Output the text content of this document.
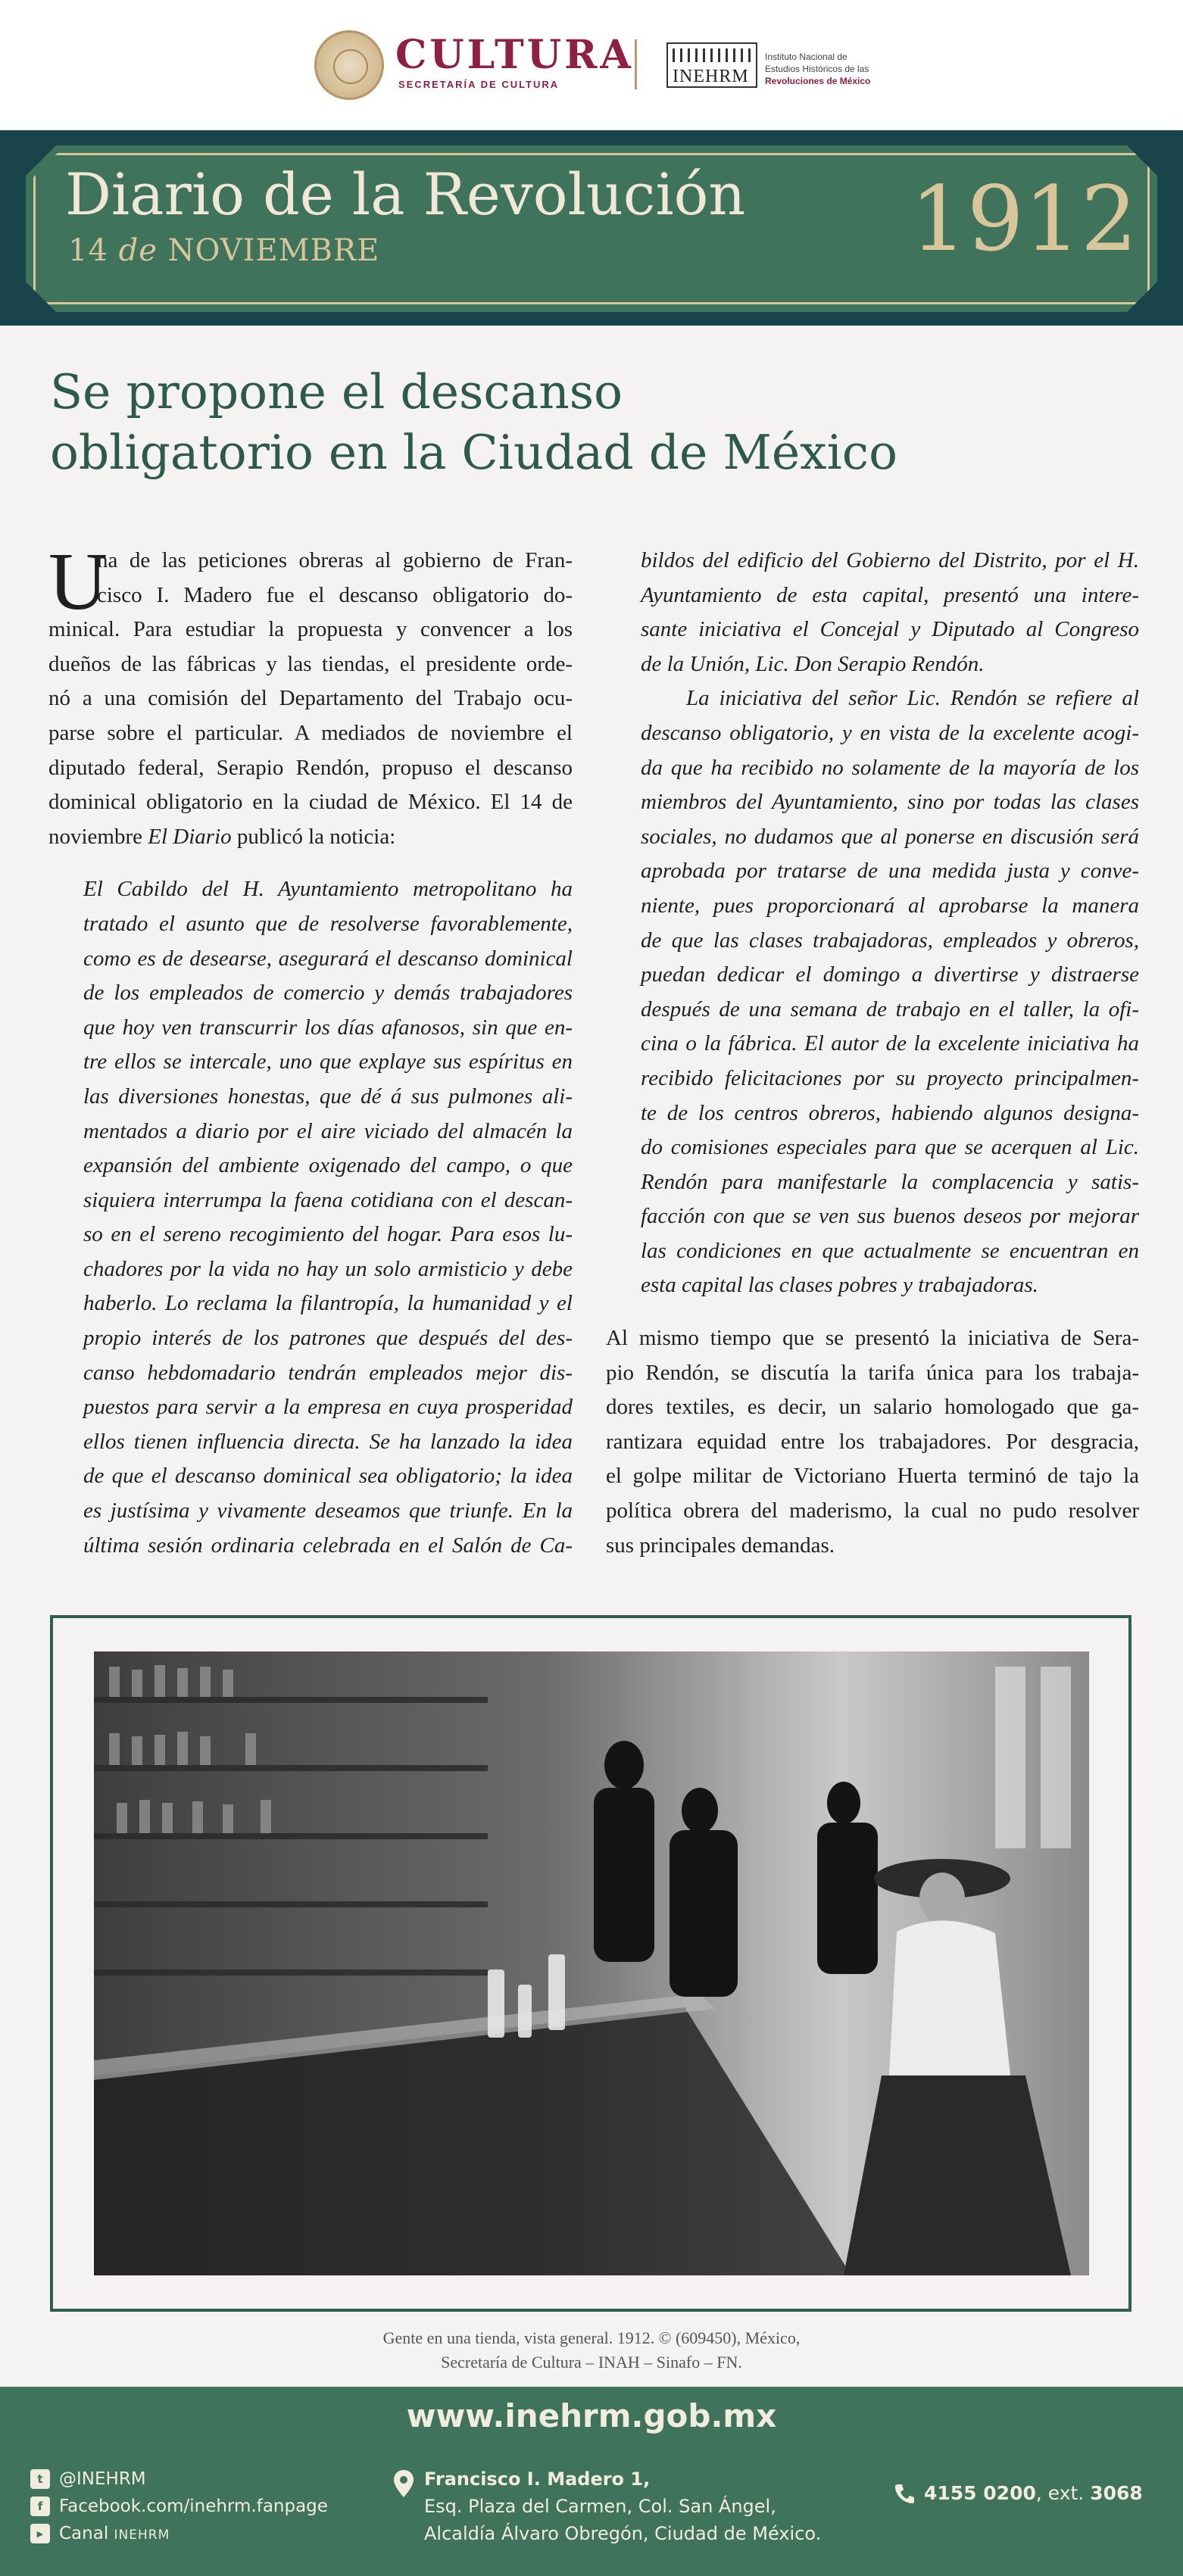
CULTURA
SECRETARÍA DE CULTURA	INEHRM
Instituto Nacional de
Estudios Históricos de las
Revoluciones de México
Diario de la Revolución
14 de NOVIEMBRE	1912
Se propone el descanso
obligatorio en la Ciudad de México
U
na de las peticiones obreras al gobierno de Fran-
cisco I. Madero fue el descanso obligatorio do-
minical. Para estudiar la propuesta y convencer a los
dueños de las fábricas y las tiendas, el presidente orde-
nó a una comisión del Departamento del Trabajo ocu-
parse sobre el particular. A mediados de noviembre el
diputado federal, Serapio Rendón, propuso el descanso
dominical obligatorio en la ciudad de México. El 14 de
noviembre El Diario publicó la noticia:
El Cabildo del H. Ayuntamiento metropolitano ha
tratado el asunto que de resolverse favorablemente,
como es de desearse, asegurará el descanso dominical
de los empleados de comercio y demás trabajadores
que hoy ven transcurrir los días afanosos, sin que en-
tre ellos se intercale, uno que explaye sus espíritus en
las diversiones honestas, que dé á sus pulmones ali-
mentados a diario por el aire viciado del almacén la
expansión del ambiente oxigenado del campo, o que
siquiera interrumpa la faena cotidiana con el descan-
so en el sereno recogimiento del hogar. Para esos lu-
chadores por la vida no hay un solo armisticio y debe
haberlo. Lo reclama la filantropía, la humanidad y el
propio interés de los patrones que después del des-
canso hebdomadario tendrán empleados mejor dis-
puestos para servir a la empresa en cuya prosperidad
ellos tienen influencia directa. Se ha lanzado la idea
de que el descanso dominical sea obligatorio; la idea
es justísima y vivamente deseamos que triunfe. En la
última sesión ordinaria celebrada en el Salón de Ca-
bildos del edificio del Gobierno del Distrito, por el H.
Ayuntamiento de esta capital, presentó una intere-
sante iniciativa el Concejal y Diputado al Congreso
de la Unión, Lic. Don Serapio Rendón.
La iniciativa del señor Lic. Rendón se refiere al
descanso obligatorio, y en vista de la excelente acogi-
da que ha recibido no solamente de la mayoría de los
miembros del Ayuntamiento, sino por todas las clases
sociales, no dudamos que al ponerse en discusión será
aprobada por tratarse de una medida justa y conve-
niente, pues proporcionará al aprobarse la manera
de que las clases trabajadoras, empleados y obreros,
puedan dedicar el domingo a divertirse y distraerse
después de una semana de trabajo en el taller, la ofi-
cina o la fábrica. El autor de la excelente iniciativa ha
recibido felicitaciones por su proyecto principalmen-
te de los centros obreros, habiendo algunos designa-
do comisiones especiales para que se acerquen al Lic.
Rendón para manifestarle la complacencia y satis-
facción con que se ven sus buenos deseos por mejorar
las condiciones en que actualmente se encuentran en
esta capital las clases pobres y trabajadoras.
Al mismo tiempo que se presentó la iniciativa de Sera-
pio Rendón, se discutía la tarifa única para los trabaja-
dores textiles, es decir, un salario homologado que ga-
rantizara equidad entre los trabajadores. Por desgracia,
el golpe militar de Victoriano Huerta terminó de tajo la
política obrera del maderismo, la cual no pudo resolver
sus principales demandas.
Gente en una tienda, vista general. 1912. © (609450), México,
Secretaría de Cultura – INAH – Sinafo – FN.
www.inehrm.gob.mx
t @INEHRM
f Facebook.com/inehrm.fanpage
▶ Canal INEHRM
Francisco I. Madero 1,
Esq. Plaza del Carmen, Col. San Ángel,
Alcaldía Álvaro Obregón, Ciudad de México.
4155 0200, ext. 3068
